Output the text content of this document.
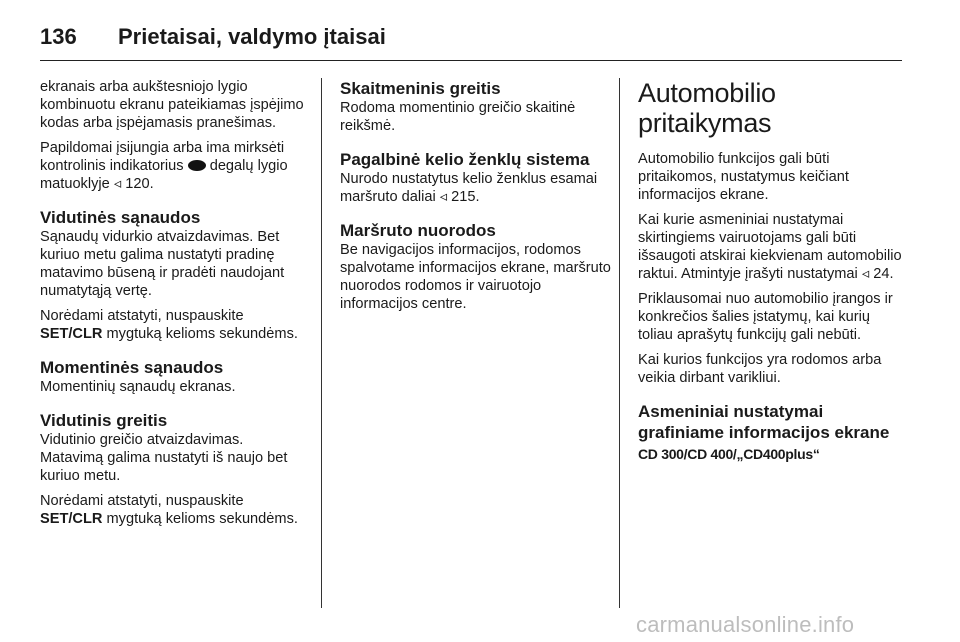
136	Prietaisai, valdymo įtaisai

ekranais arba aukštesniojo lygio kombinuotu ekranu pateikiamas įspėjimo kodas arba įspėjamasis pranešimas.

Papildomai įsijungia arba ima mirksėti kontrolinis indikatorius degalų lygio matuoklyje ◃ 120.

Vidutinės sąnaudos

Sąnaudų vidurkio atvaizdavimas. Bet kuriuo metu galima nustatyti pradinę matavimo būseną ir pradėti naudojant numatytąją vertę.

Norėdami atstatyti, nuspauskite SET/CLR mygtuką kelioms sekundėms.

Momentinės sąnaudos

Momentinių sąnaudų ekranas.

Vidutinis greitis

Vidutinio greičio atvaizdavimas. Matavimą galima nustatyti iš naujo bet kuriuo metu.

Norėdami atstatyti, nuspauskite SET/CLR mygtuką kelioms sekundėms.

Skaitmeninis greitis

Rodoma momentinio greičio skaitinė reikšmė.

Pagalbinė kelio ženklų sistema

Nurodo nustatytus kelio ženklus esamai maršruto daliai ◃ 215.

Maršruto nuorodos

Be navigacijos informacijos, rodomos spalvotame informacijos ekrane, maršruto nuorodos rodomos ir vairuotojo informacijos centre.

Automobilio pritaikymas

Automobilio funkcijos gali būti pritaikomos, nustatymus keičiant informacijos ekrane.

Kai kurie asmeniniai nustatymai skirtingiems vairuotojams gali būti išsaugoti atskirai kiekvienam automobilio raktui. Atmintyje įrašyti nustatymai ◃ 24.

Priklausomai nuo automobilio įrangos ir konkrečios šalies įstatymų, kai kurių toliau aprašytų funkcijų gali nebūti.

Kai kurios funkcijos yra rodomos arba veikia dirbant varikliui.

Asmeniniai nustatymai grafiniame informacijos ekrane
CD 300/CD 400/„CD400plus“
carmanualsonline.info
